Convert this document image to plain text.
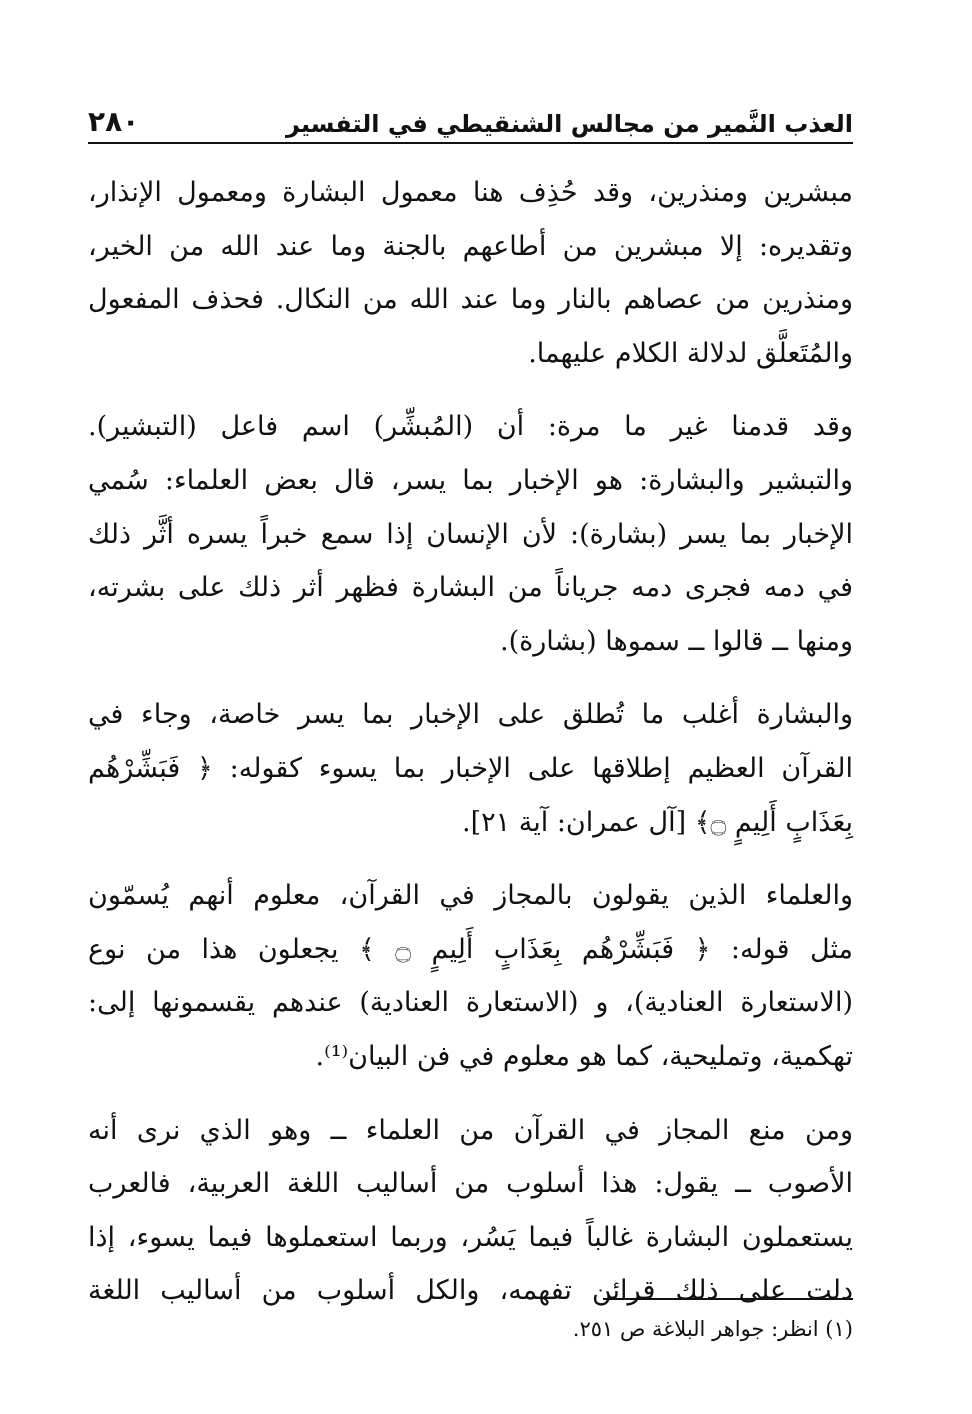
العذب النَّمير من مجالس الشنقيطي في التفسير
٢٨٠
مبشرين ومنذرين، وقد حُذِف هنا معمول البشارة ومعمول الإنذار،
وتقديره: إلا مبشرين من أطاعهم بالجنة وما عند الله من الخير،
ومنذرين من عصاهم بالنار وما عند الله من النكال. فحذف المفعول
والمُتَعلَّق لدلالة الكلام عليهما.
وقد قدمنا غير ما مرة: أن (المُبشِّر) اسم فاعل (التبشير).
والتبشير والبشارة: هو الإخبار بما يسر، قال بعض العلماء: سُمي
الإخبار بما يسر (بشارة): لأن الإنسان إذا سمع خبراً يسره أثَّر ذلك
في دمه فجرى دمه جرياناً من البشارة فظهر أثر ذلك على بشرته،
ومنها ــ قالوا ــ سموها (بشارة).
والبشارة أغلب ما تُطلق على الإخبار بما يسر خاصة، وجاء في
القرآن العظيم إطلاقها على الإخبار بما يسوء كقوله: ﴿ فَبَشِّرْهُم
بِعَذَابٍ أَلِيمٍ ۝﴾ [آل عمران: آية ٢١].
والعلماء الذين يقولون بالمجاز في القرآن، معلوم أنهم يُسمّون
مثل قوله: ﴿ فَبَشِّرْهُم بِعَذَابٍ أَلِيمٍ ۝ ﴾ يجعلون هذا من نوع
(الاستعارة العنادية)، و (الاستعارة العنادية) عندهم يقسمونها إلى:
تهكمية، وتمليحية، كما هو معلوم في فن البيان⁽¹⁾.
ومن منع المجاز في القرآن من العلماء ــ وهو الذي نرى أنه
الأصوب ــ يقول: هذا أسلوب من أساليب اللغة العربية، فالعرب
يستعملون البشارة غالباً فيما يَسُر، وربما استعملوها فيما يسوء، إذا
دلت على ذلك قرائن تفهمه، والكل أسلوب من أساليب اللغة
(١) انظر: جواهر البلاغة ص ٢٥١.
